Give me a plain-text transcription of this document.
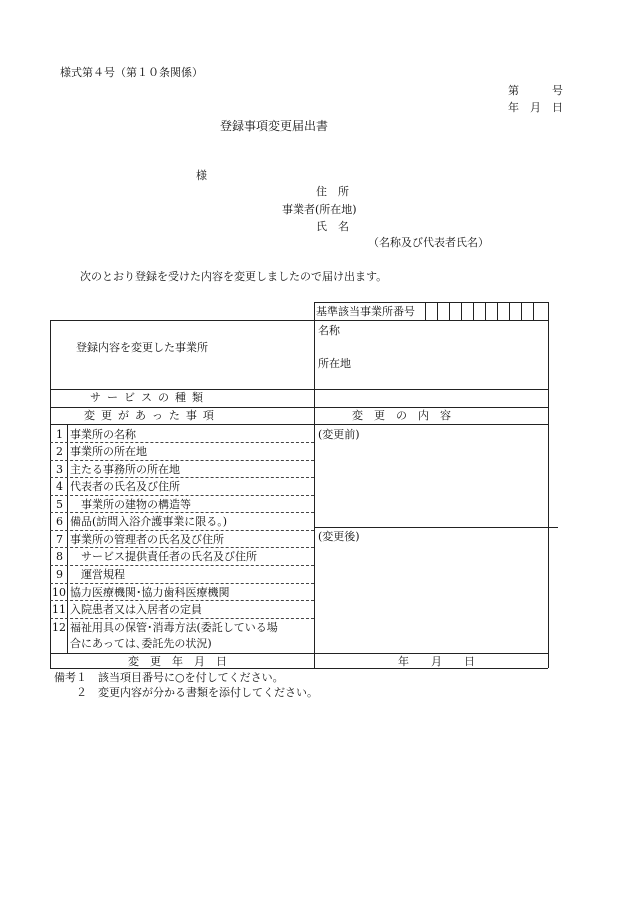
様式第４号（第１０条関係）
第　　　号
年　月　日
登録事項変更届出書
様
住　所
事業者(所在地)
氏　名
（名称及び代表者氏名）
次のとおり登録を受けた内容を変更しましたので届け出ます。
基準該当事業所番号
登録内容を変更した事業所
名称
所在地
サービスの種類
変更があった事項	変更の内容
(変更前)
(変更後)
1 事業所の名称
2 事業所の所在地
3 主たる事務所の所在地
4 代表者の氏名及び住所
5 　事業所の建物の構造等
6 備品(訪問入浴介護事業に限る。)
7 事業所の管理者の氏名及び住所
8 　サービス提供責任者の氏名及び住所
9 　運営規程
10 協力医療機関･協力歯科医療機関
11 入院患者又は入居者の定員
12 福祉用具の保管･消毒方法(委託している場
合にあっては､委託先の状況)
変更年月日	年　　月　　日
備考１　該当項目番号に○を付してください。
　　２　変更内容が分かる書類を添付してください。
